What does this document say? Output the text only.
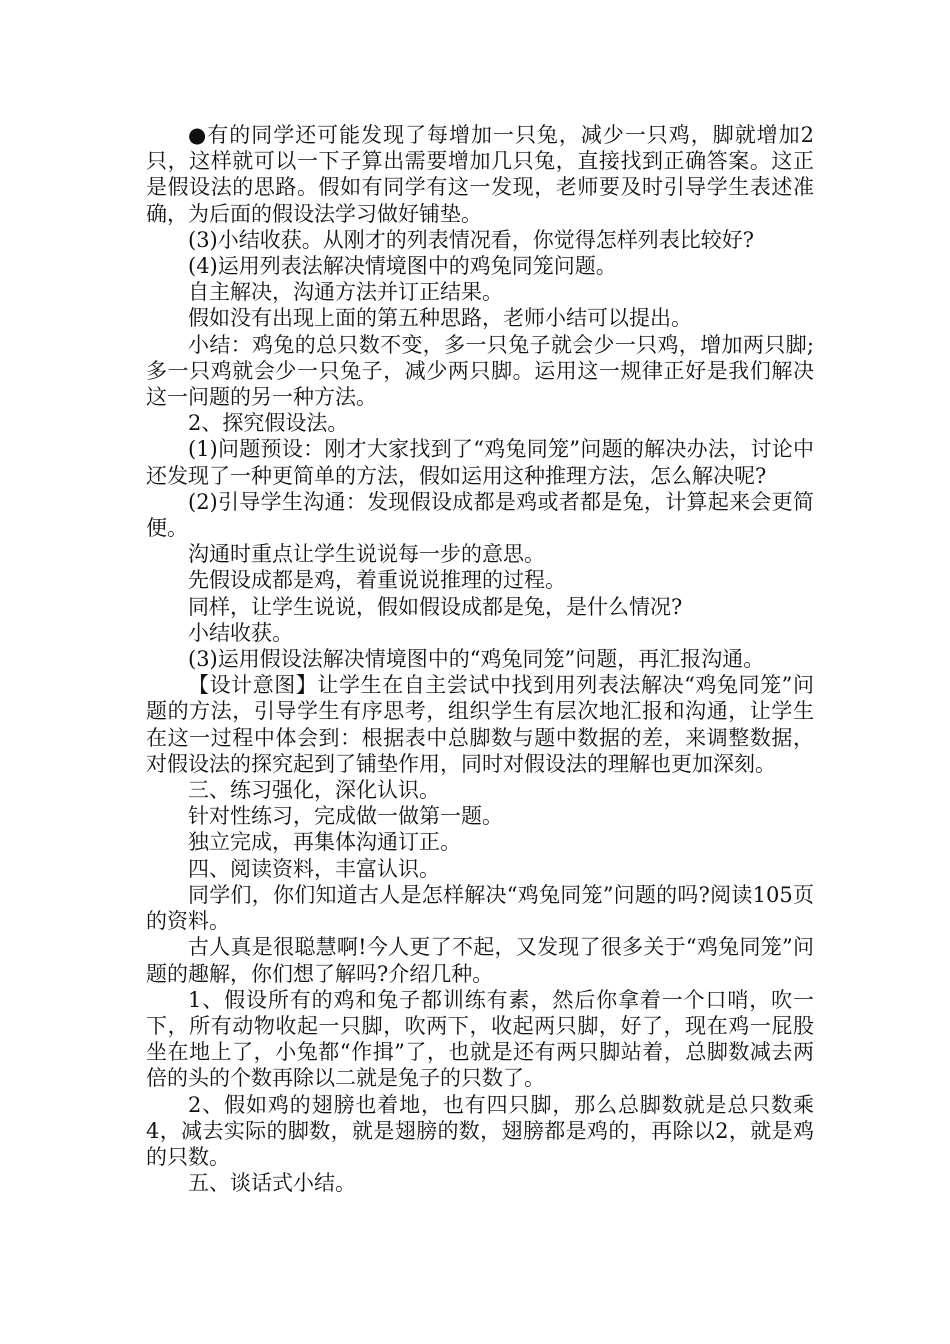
●有的同学还可能发现了每增加一只兔，减少一只鸡，脚就增加2只，这样就可以一下子算出需要增加几只兔，直接找到正确答案。这正是假设法的思路。假如有同学有这一发现，老师要及时引导学生表述准确，为后面的假设法学习做好铺垫。

(3)小结收获。从刚才的列表情况看，你觉得怎样列表比较好?

(4)运用列表法解决情境图中的鸡兔同笼问题。

自主解决，沟通方法并订正结果。

假如没有出现上面的第五种思路，老师小结可以提出。

小结：鸡兔的总只数不变，多一只兔子就会少一只鸡，增加两只脚;多一只鸡就会少一只兔子，减少两只脚。运用这一规律正好是我们解决这一问题的另一种方法。

2、探究假设法。

(1)问题预设：刚才大家找到了“鸡兔同笼”问题的解决办法，讨论中还发现了一种更简单的方法，假如运用这种推理方法，怎么解决呢?

(2)引导学生沟通：发现假设成都是鸡或者都是兔，计算起来会更简便。

沟通时重点让学生说说每一步的意思。

先假设成都是鸡，着重说说推理的过程。

同样，让学生说说，假如假设成都是兔，是什么情况?

小结收获。

(3)运用假设法解决情境图中的“鸡兔同笼”问题，再汇报沟通。

【设计意图】让学生在自主尝试中找到用列表法解决“鸡兔同笼”问题的方法，引导学生有序思考，组织学生有层次地汇报和沟通，让学生在这一过程中体会到：根据表中总脚数与题中数据的差，来调整数据，对假设法的探究起到了铺垫作用，同时对假设法的理解也更加深刻。

三、练习强化，深化认识。

针对性练习，完成做一做第一题。

独立完成，再集体沟通订正。

四、阅读资料，丰富认识。

同学们，你们知道古人是怎样解决“鸡兔同笼”问题的吗?阅读105页的资料。

古人真是很聪慧啊!今人更了不起，又发现了很多关于“鸡兔同笼”问题的趣解，你们想了解吗?介绍几种。

1、假设所有的鸡和兔子都训练有素，然后你拿着一个口哨，吹一下，所有动物收起一只脚，吹两下，收起两只脚，好了，现在鸡一屁股坐在地上了，小兔都“作揖”了，也就是还有两只脚站着，总脚数减去两倍的头的个数再除以二就是兔子的只数了。

2、假如鸡的翅膀也着地，也有四只脚，那么总脚数就是总只数乘4，减去实际的脚数，就是翅膀的数，翅膀都是鸡的，再除以2，就是鸡的只数。

五、谈话式小结。
